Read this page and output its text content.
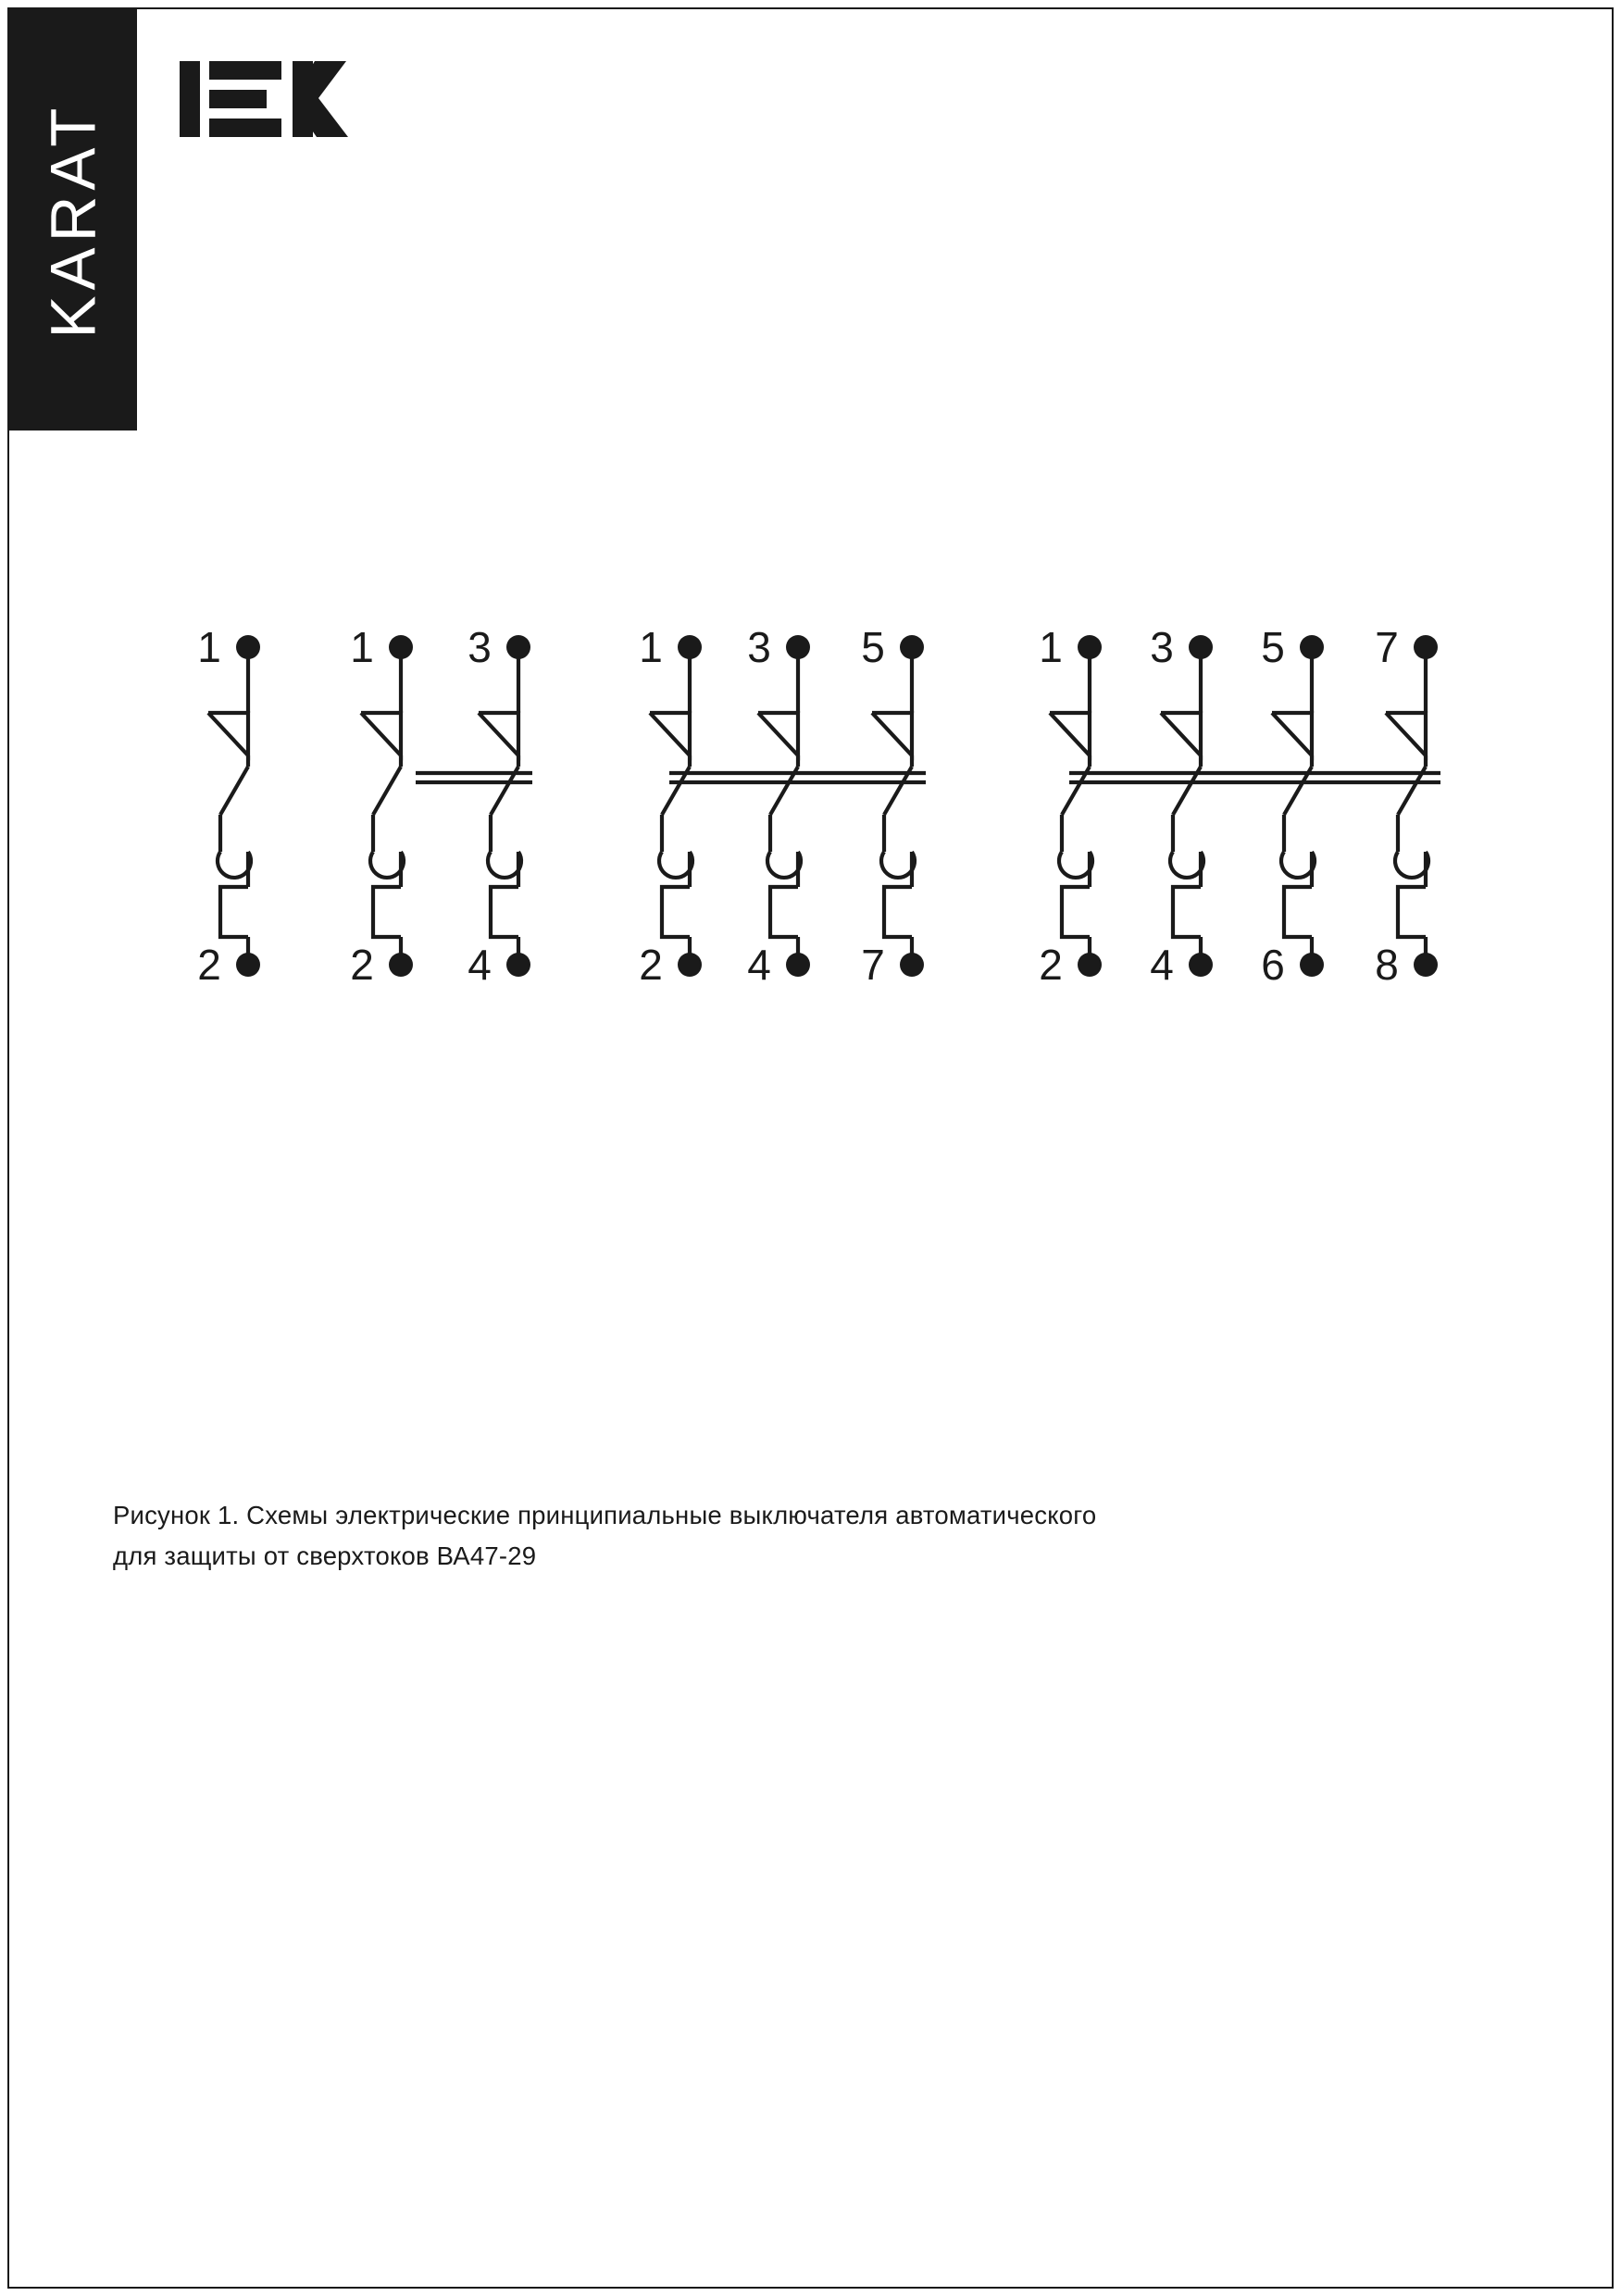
KARAT
1
2
1 3
2 4
1 3 5
2 4 7
1 3 5 7
2 4 6 8
Рисунок 1. Схемы электрические принципиальные выключателя автоматического
для защиты от сверхтоков ВА47-29
